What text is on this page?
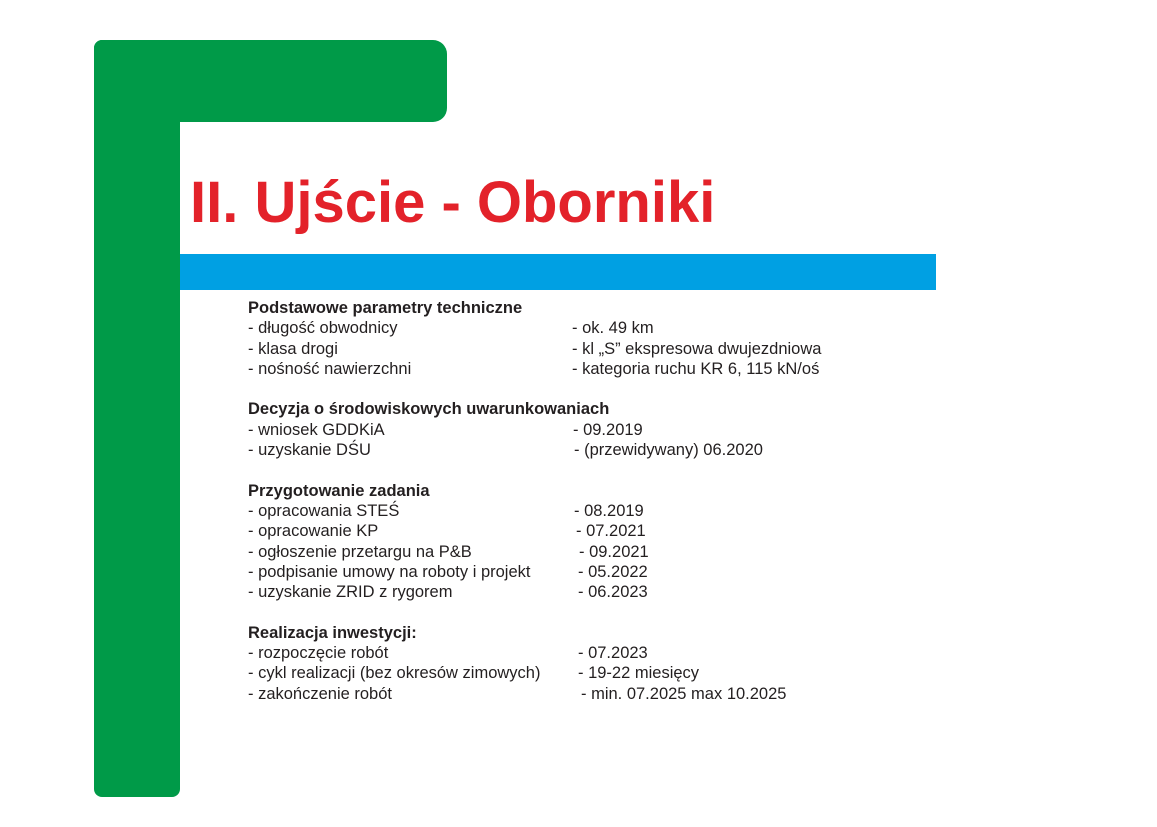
II. Ujście - Oborniki
Podstawowe parametry techniczne
- długość obwodnicy	- ok. 49 km
- klasa drogi	- kl „S” ekspresowa dwujezdniowa
- nośność nawierzchni	- kategoria ruchu KR 6, 115 kN/oś
Decyzja o środowiskowych uwarunkowaniach
- wniosek GDDKiA	- 09.2019
- uzyskanie DŚU	- (przewidywany) 06.2020
Przygotowanie zadania
- opracowania STEŚ	- 08.2019
- opracowanie KP	- 07.2021
- ogłoszenie przetargu na P&B	- 09.2021
- podpisanie umowy na roboty i projekt	- 05.2022
- uzyskanie ZRID z rygorem	- 06.2023
Realizacja inwestycji:
- rozpoczęcie robót	- 07.2023
- cykl realizacji (bez okresów zimowych) - 19-22 miesięcy
- zakończenie robót	- min. 07.2025 max 10.2025
